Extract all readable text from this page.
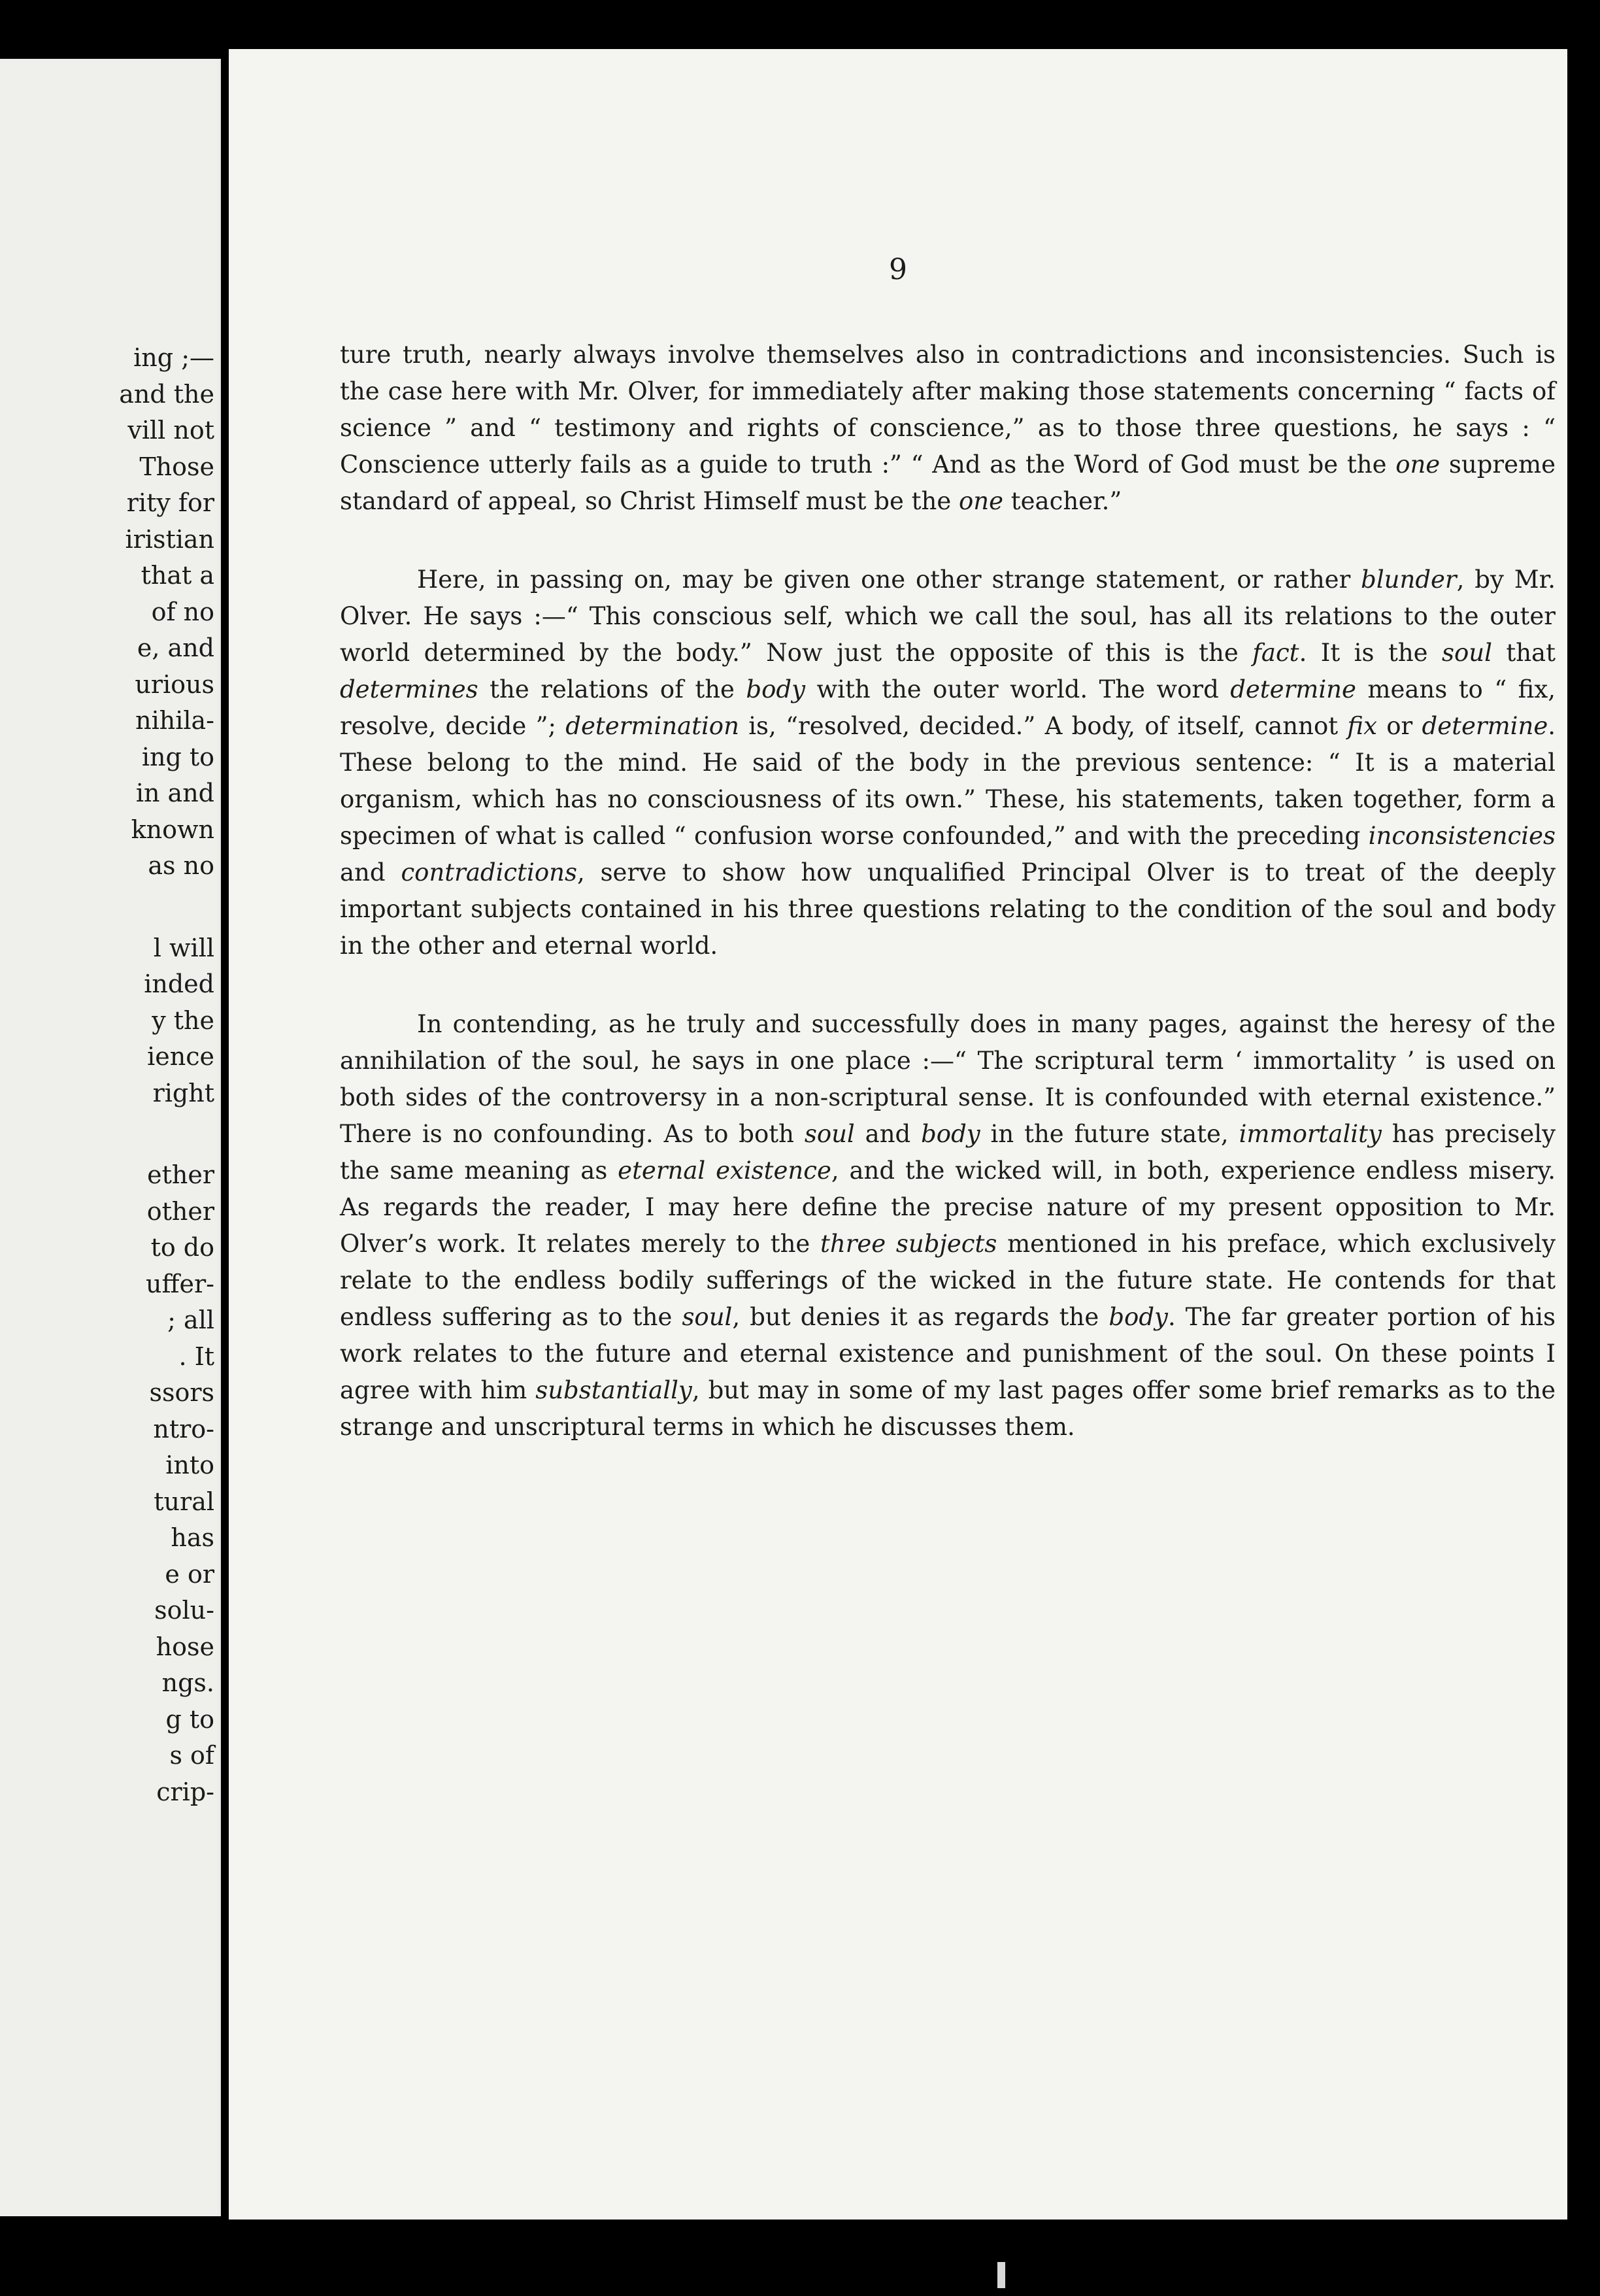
ing ;—
and the
vill not
Those
rity for
iristian
that a
of no
e, and
urious
nihila-
ing to
in and
known
as no
l will
inded
y the
ience
right
ether
other
to do
uffer-
; all
. It
ssors
ntro-
into
tural
has
e or
solu-
hose
ngs.
g to
s of
crip-
9

ture truth, nearly always involve themselves also in contradictions and inconsistencies. Such is the case here with Mr. Olver, for immediately after making those statements concerning “ facts of science ” and “ testimony and rights of conscience,” as to those three questions, he says : “ Conscience utterly fails as a guide to truth :” “ And as the Word of God must be the one supreme standard of appeal, so Christ Himself must be the one teacher.”

Here, in passing on, may be given one other strange statement, or rather blunder, by Mr. Olver. He says :—“ This conscious self, which we call the soul, has all its relations to the outer world determined by the body.” Now just the opposite of this is the fact. It is the soul that determines the relations of the body with the outer world. The word determine means to “ fix, resolve, decide ”; determination is, “resolved, decided.” A body, of itself, cannot fix or determine. These belong to the mind. He said of the body in the previous sentence: “ It is a material organism, which has no consciousness of its own.” These, his statements, taken together, form a specimen of what is called “ confusion worse confounded,” and with the preceding inconsistencies and contradictions, serve to show how unqualified Principal Olver is to treat of the deeply important subjects contained in his three questions relating to the condition of the soul and body in the other and eternal world.

In contending, as he truly and successfully does in many pages, against the heresy of the annihilation of the soul, he says in one place :—“ The scriptural term ‘ immortality ’ is used on both sides of the controversy in a non-scriptural sense. It is confounded with eternal existence.” There is no confounding. As to both soul and body in the future state, immortality has precisely the same meaning as eternal existence, and the wicked will, in both, experience endless misery. As regards the reader, I may here define the precise nature of my present opposition to Mr. Olver’s work. It relates merely to the three subjects mentioned in his preface, which exclusively relate to the endless bodily sufferings of the wicked in the future state. He contends for that endless suffering as to the soul, but denies it as regards the body. The far greater portion of his work relates to the future and eternal existence and punishment of the soul. On these points I agree with him substantially, but may in some of my last pages offer some brief remarks as to the strange and unscriptural terms in which he discusses them.
